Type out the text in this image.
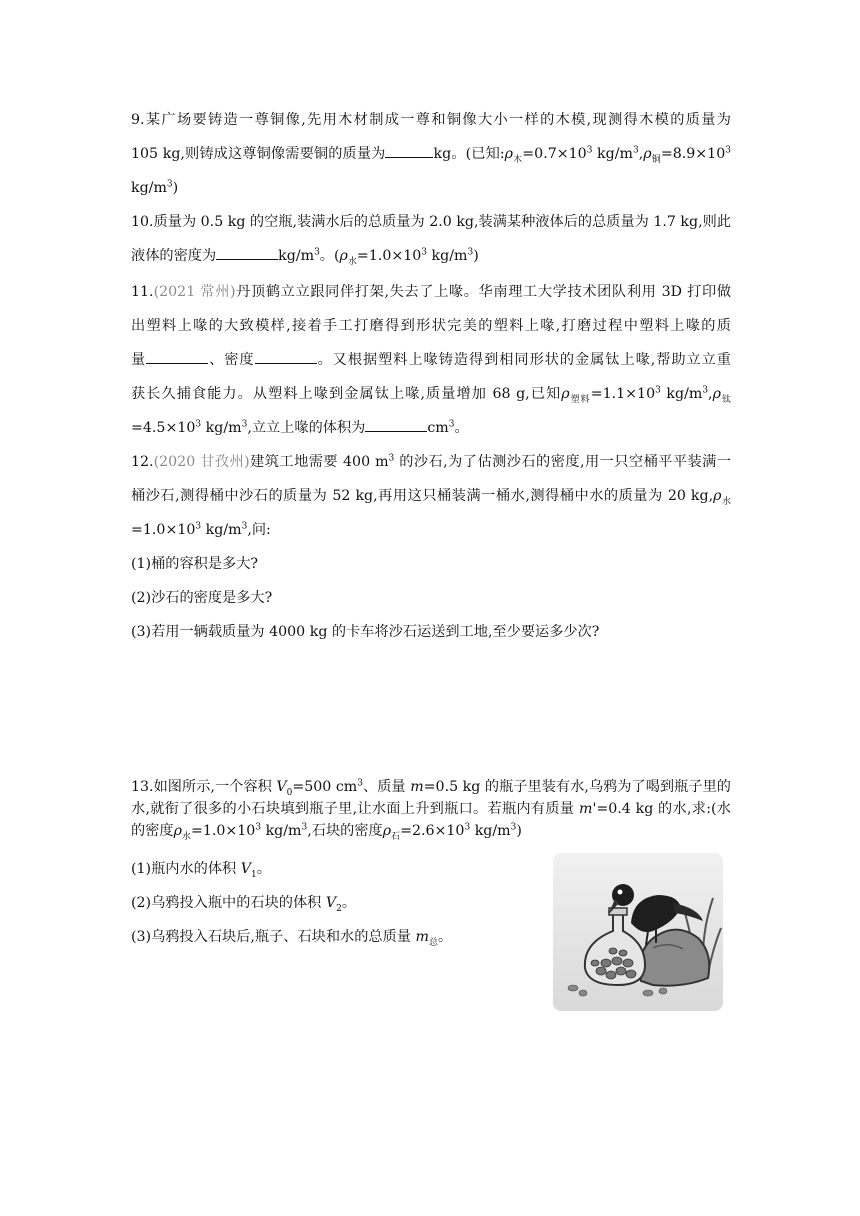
9.某广场要铸造一尊铜像,先用木材制成一尊和铜像大小一样的木模,现测得木模的质量为
105 kg,则铸成这尊铜像需要铜的质量为	kg。(已知$:\rho_木=0.7\times 10^3$ $kg/m^3,\rho_铜=8.9\times 10^3$
$kg/m^3$)
10.质量为 0.5 kg 的空瓶,装满水后的总质量为 2.0 kg,装满某种液体后的总质量为 1.7 kg,则此
液体的密度为	$kg/m^3$。($\rho_水=1.0\times 10^3$ $kg/m^3$)
11.(2021 常州)丹顶鹤立立跟同伴打架,失去了上喙。华南理工大学技术团队利用 3D 打印做
出塑料上喙的大致模样,接着手工打磨得到形状完美的塑料上喙,打磨过程中塑料上喙的质
量	、密度	。又根据塑料上喙铸造得到相同形状的金属钛上喙,帮助立立重
获长久捕食能力。从塑料上喙到金属钛上喙,质量增加 68 g,已知$\rho_{塑料}=1.1\times 10^3$ $kg/m^3,\rho_钛$
$=4.5\times 10^3$ $kg/m^3$,立立上喙的体积为	$cm^3$。
12.(2020 甘孜州)建筑工地需要 400 $m^3$ 的沙石,为了估测沙石的密度,用一只空桶平平装满一
桶沙石,测得桶中沙石的质量为 52 kg,再用这只桶装满一桶水,测得桶中水的质量为 20 $kg,\rho_水$
$=1.0\times 10^3$ $kg/m^3$,问:
(1)桶的容积是多大?
(2)沙石的密度是多大?
(3)若用一辆载质量为 4000 kg 的卡车将沙石运送到工地,至少要运多少次?
13.如图所示,一个容积 $V_0=500$ $cm^3$、质量 m=0.5 kg 的瓶子里装有水,乌鸦为了喝到瓶子里的
水,就衔了很多的小石块填到瓶子里,让水面上升到瓶口。若瓶内有质量 m'=0.4 kg 的水,求:(水
的密度$\rho_水=1.0\times 10^3$ $kg/m^3$,石块的密度$\rho_石=2.6\times 10^3$ $kg/m^3$)
(1)瓶内水的体积 $V_1$。
(2)乌鸦投入瓶中的石块的体积 $V_2$。
(3)乌鸦投入石块后,瓶子、石块和水的总质量 $m_总$。
